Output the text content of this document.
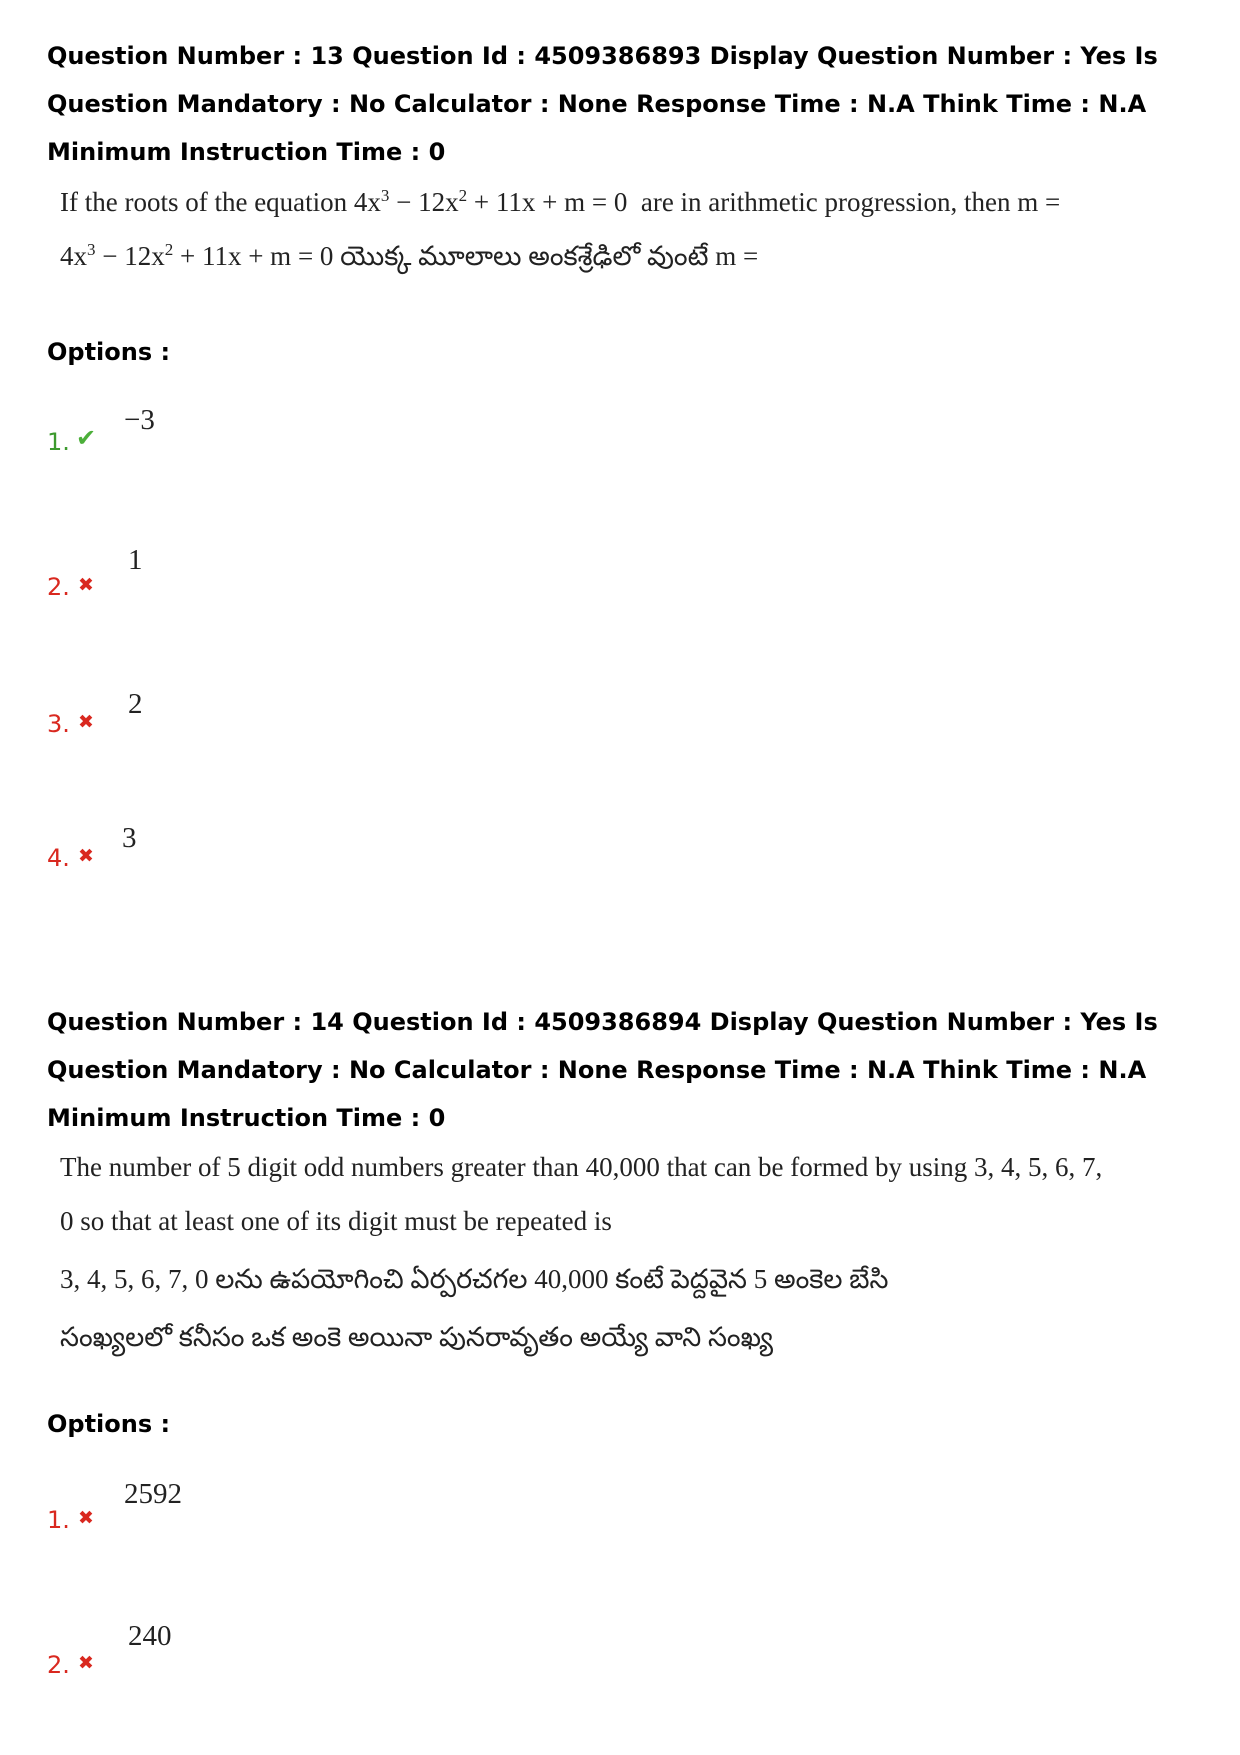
Question Number : 13 Question Id : 4509386893 Display Question Number : Yes Is Question Mandatory : No Calculator : None Response Time : N.A Think Time : N.A Minimum Instruction Time : 0

If the roots of the equation $4x^3 - 12x^2 + 11x + m = 0$ are in arithmetic progression, then m =

$4x^3 - 12x^2 + 11x + m = 0$ యొక్క మూలాలు అంకశ్రేఢిలో వుంటే m =

Options :

1. ✔
−3
2. ✖
1
3. ✖
2
4. ✖
3

Question Number : 14 Question Id : 4509386894 Display Question Number : Yes Is Question Mandatory : No Calculator : None Response Time : N.A Think Time : N.A Minimum Instruction Time : 0

The number of 5 digit odd numbers greater than 40,000 that can be formed by using 3, 4, 5, 6, 7,

0 so that at least one of its digit must be repeated is

3, 4, 5, 6, 7, 0 లను ఉపయోగించి ఏర్పరచగల 40,000 కంటే పెద్దవైన 5 అంకెల బేసి

సంఖ్యలలో కనీసం ఒక అంకె అయినా పునరావృతం అయ్యే వాని సంఖ్య

Options :

1. ✖
2592
2. ✖
240
